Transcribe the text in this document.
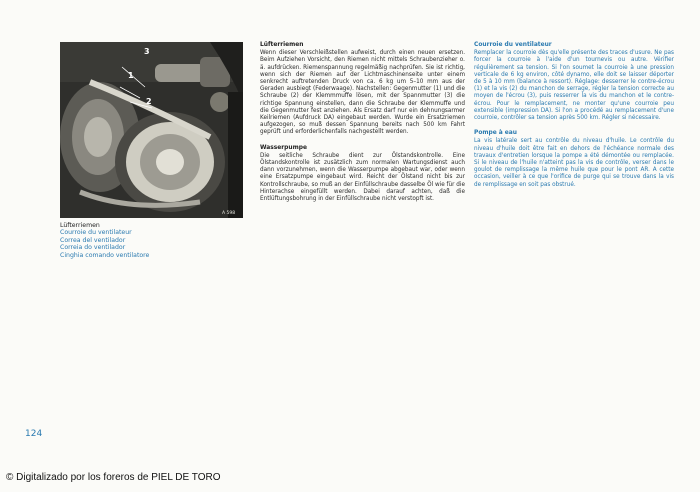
3
1
2
A 598
Lüfterriemen
Courroie du ventilateur
Correa del ventilador
Correia do ventilador
Cinghia comando ventilatore
Lüfterriemen
Wenn dieser Verschleißstellen aufweist, durch einen neuen ersetzen. Beim Aufziehen Vorsicht, den Riemen nicht mittels Schraubenzieher o. ä. aufdrücken. Riemenspannung regelmäßig nachprüfen. Sie ist richtig, wenn sich der Riemen auf der Lichtmaschinenseite unter einem senkrecht auftretenden Druck von ca. 6 kg um 5–10 mm aus der Geraden ausbiegt (Federwaage). Nachstellen: Gegenmutter (1) und die Schraube (2) der Klemmmuffe lösen, mit der Spannmutter (3) die richtige Spannung einstellen, dann die Schraube der Klemmuffe und die Gegenmutter fest anziehen. Als Ersatz darf nur ein dehnungsarmer Keilriemen (Aufdruck DA) eingebaut werden. Wurde ein Ersatzriemen aufgezogen, so muß dessen Spannung bereits nach 500 km Fahrt geprüft und erforderlichenfalls nachgestellt werden.
Wasserpumpe
Die seitliche Schraube dient zur Ölstandskontrolle. Eine Ölstandskontrolle ist zusätzlich zum normalen Wartungsdienst auch dann vorzunehmen, wenn die Wasserpumpe abgebaut war, oder wenn eine Ersatzpumpe eingebaut wird. Reicht der Ölstand nicht bis zur Kontrollschraube, so muß an der Einfüllschraube dasselbe Öl wie für die Hinterachse eingefüllt werden. Dabei darauf achten, daß die Entlüftungsbohrung in der Einfüllschraube nicht verstopft ist.
Courroie du ventilateur
Remplacer la courroie dès qu'elle présente des traces d'usure. Ne pas forcer la courroie à l'aide d'un tournevis ou autre. Vérifier régulièrement sa tension. Si l'on soumet la courroie à une pression verticale de 6 kg environ, côté dynamo, elle doit se laisser déporter de 5 à 10 mm (balance à ressort). Réglage: desserrer le contre-écrou (1) et la vis (2) du manchon de serrage, régler la tension correcte au moyen de l'écrou (3), puis resserrer la vis du manchon et le contre-écrou. Pour le remplacement, ne monter qu'une courroie peu extensible (impression DA). Si l'on a procédé au remplacement d'une courroie, contrôler sa tension après 500 km. Régler si nécessaire.
Pompe à eau
La vis latérale sert au contrôle du niveau d'huile. Le contrôle du niveau d'huile doit être fait en dehors de l'échéance normale des travaux d'entretien lorsque la pompe a été démontée ou remplacée. Si le niveau de l'huile n'atteint pas la vis de contrôle, verser dans le goulot de remplissage la même huile que pour le pont AR. A cette occasion, veiller à ce que l'orifice de purge qui se trouve dans la vis de remplissage en soit pas obstrué.
124
© Digitalizado por los foreros de PIEL DE TORO
